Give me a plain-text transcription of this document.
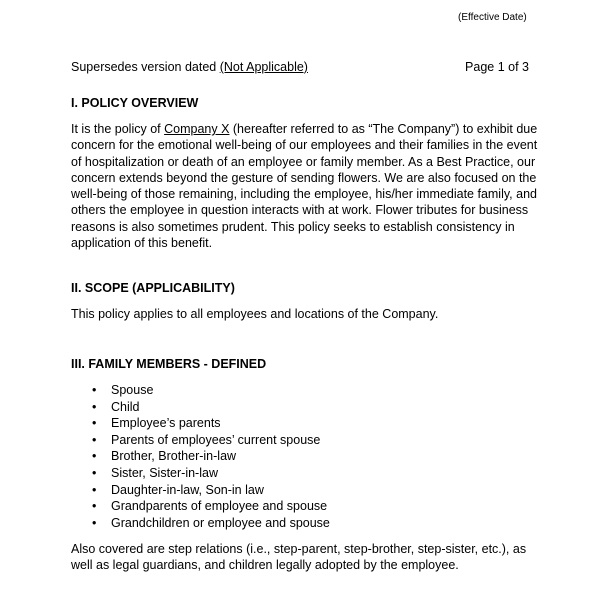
(Effective Date)
Supersedes version dated (Not Applicable)	Page 1 of 3
I. POLICY OVERVIEW

It is the policy of Company X (hereafter referred to as “The Company”) to exhibit due concern for the emotional well-being of our employees and their families in the event of hospitalization or death of an employee or family member. As a Best Practice, our concern extends beyond the gesture of sending flowers. We are also focused on the well-being of those remaining, including the employee, his/her immediate family, and others the employee in question interacts with at work. Flower tributes for business reasons is also sometimes prudent. This policy seeks to establish consistency in application of this benefit.

II. SCOPE (APPLICABILITY)

This policy applies to all employees and locations of the Company.

III. FAMILY MEMBERS - DEFINED
• Spouse
• Child
• Employee’s parents
• Parents of employees’ current spouse
• Brother, Brother-in-law
• Sister, Sister-in-law
• Daughter-in-law, Son-in law
• Grandparents of employee and spouse
• Grandchildren or employee and spouse

Also covered are step relations (i.e., step-parent, step-brother, step-sister, etc.), as well as legal guardians, and children legally adopted by the employee.
